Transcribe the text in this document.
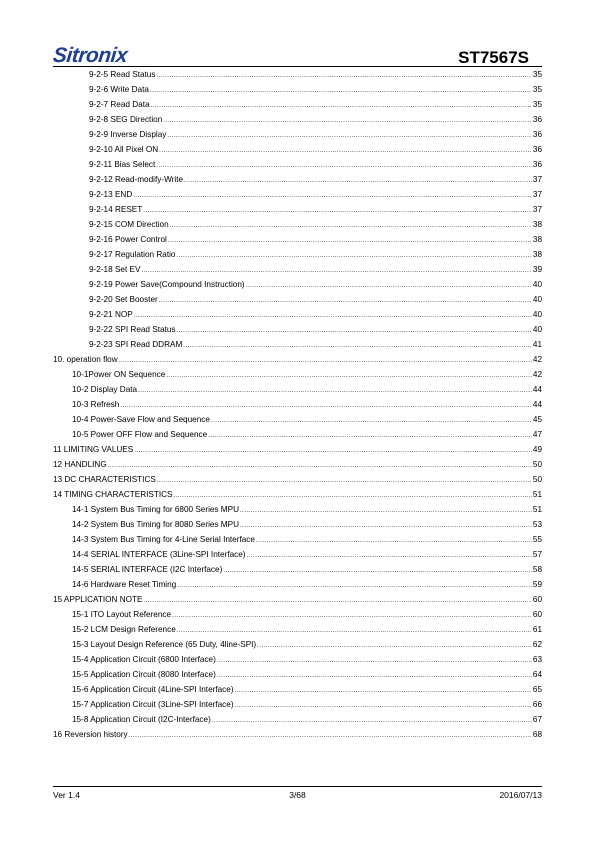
Sitronix	ST7567S
9-2-5 Read Status .....	35
9-2-6 Write Data .....	35
9-2-7 Read Data .....	35
9-2-8 SEG Direction .....	36
9-2-9 Inverse Display .....	36
9-2-10 All Pixel ON .....	36
9-2-11 Bias Select .....	36
9-2-12 Read-modify-Write .....	37
9-2-13 END .....	37
9-2-14 RESET .....	37
9-2-15 COM Direction .....	38
9-2-16 Power Control .....	38
9-2-17 Regulation Ratio .....	38
9-2-18 Set EV .....	39
9-2-19 Power Save(Compound Instruction) .....	40
9-2-20 Set Booster .....	40
9-2-21 NOP .....	40
9-2-22 SPI Read Status .....	40
9-2-23 SPI Read DDRAM .....	41
10. operation flow .....	42
10-1Power ON Sequence .....	42
10-2 Display Data .....	44
10-3 Refresh .....	44
10-4 Power-Save Flow and Sequence .....	45
10-5 Power OFF Flow and Sequence .....	47
11 LIMITING VALUES .....	49
12 HANDLING .....	50
13 DC CHARACTERISTICS .....	50
14 TIMING CHARACTERISTICS .....	51
14-1 System Bus Timing for 6800 Series MPU .....	51
14-2 System Bus Timing for 8080 Series MPU .....	53
14-3 System Bus Timing for 4-Line Serial Interface .....	55
14-4 SERIAL INTERFACE (3Line-SPI Interface) .....	57
14-5 SERIAL INTERFACE (I2C Interface) .....	58
14-6 Hardware Reset Timing .....	59
15 APPLICATION NOTE .....	60
15-1 ITO Layout Reference .....	60
15-2 LCM Design Reference .....	61
15-3 Layout Design Reference (65 Duty, 4line-SPI) .....	62
15-4 Application Circuit (6800 Interface) .....	63
15-5 Application Circuit (8080 Interface) .....	64
15-6 Application Circuit (4Line-SPI Interface) .....	65
15-7 Application Circuit (3Line-SPI Interface) .....	66
15-8 Application Circuit (I2C-Interface) .....	67
16 Reversion history .....	68
Ver 1.4	3/68	2016/07/13
